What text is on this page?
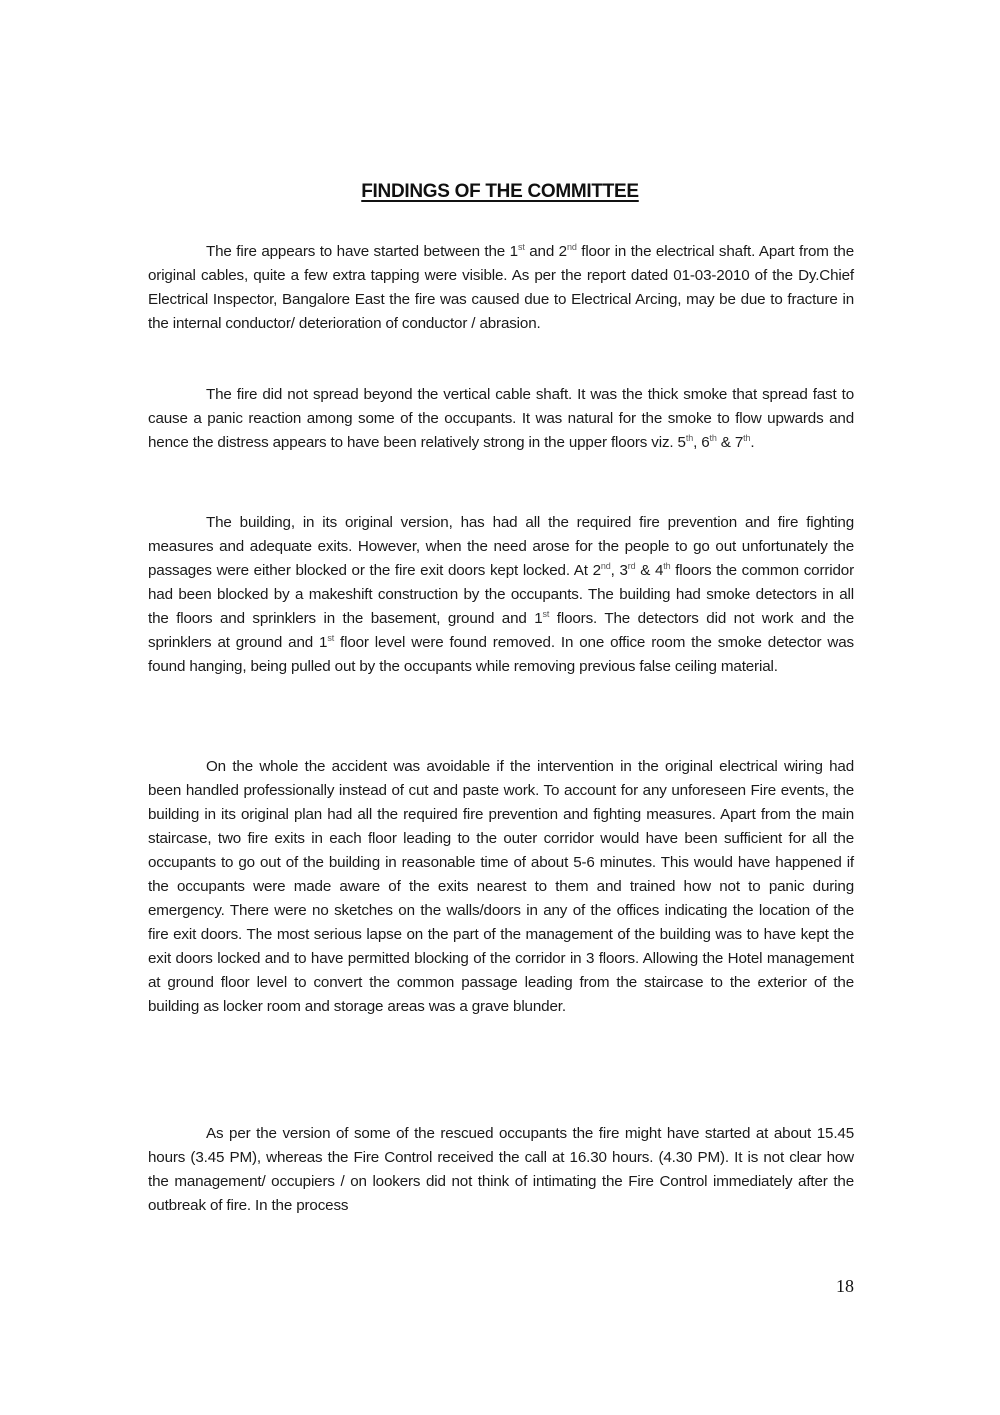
FINDINGS OF THE COMMITTEE

The fire appears to have started between the 1st and 2nd floor in the electrical shaft. Apart from the original cables, quite a few extra tapping were visible. As per the report dated 01-03-2010 of the Dy.Chief Electrical Inspector, Bangalore East the fire was caused due to Electrical Arcing, may be due to fracture in the internal conductor/ deterioration of conductor / abrasion.

The fire did not spread beyond the vertical cable shaft. It was the thick smoke that spread fast to cause a panic reaction among some of the occupants. It was natural for the smoke to flow upwards and hence the distress appears to have been relatively strong in the upper floors viz. 5th, 6th & 7th.

The building, in its original version, has had all the required fire prevention and fire fighting measures and adequate exits. However, when the need arose for the people to go out unfortunately the passages were either blocked or the fire exit doors kept locked. At 2nd, 3rd & 4th floors the common corridor had been blocked by a makeshift construction by the occupants. The building had smoke detectors in all the floors and sprinklers in the basement, ground and 1st floors. The detectors did not work and the sprinklers at ground and 1st floor level were found removed. In one office room the smoke detector was found hanging, being pulled out by the occupants while removing previous false ceiling material.

On the whole the accident was avoidable if the intervention in the original electrical wiring had been handled professionally instead of cut and paste work. To account for any unforeseen Fire events, the building in its original plan had all the required fire prevention and fighting measures. Apart from the main staircase, two fire exits in each floor leading to the outer corridor would have been sufficient for all the occupants to go out of the building in reasonable time of about 5-6 minutes. This would have happened if the occupants were made aware of the exits nearest to them and trained how not to panic during emergency. There were no sketches on the walls/doors in any of the offices indicating the location of the fire exit doors. The most serious lapse on the part of the management of the building was to have kept the exit doors locked and to have permitted blocking of the corridor in 3 floors. Allowing the Hotel management at ground floor level to convert the common passage leading from the staircase to the exterior of the building as locker room and storage areas was a grave blunder.

As per the version of some of the rescued occupants the fire might have started at about 15.45 hours (3.45 PM), whereas the Fire Control received the call at 16.30 hours. (4.30 PM). It is not clear how the management/ occupiers / on lookers did not think of intimating the Fire Control immediately after the outbreak of fire. In the process

18
